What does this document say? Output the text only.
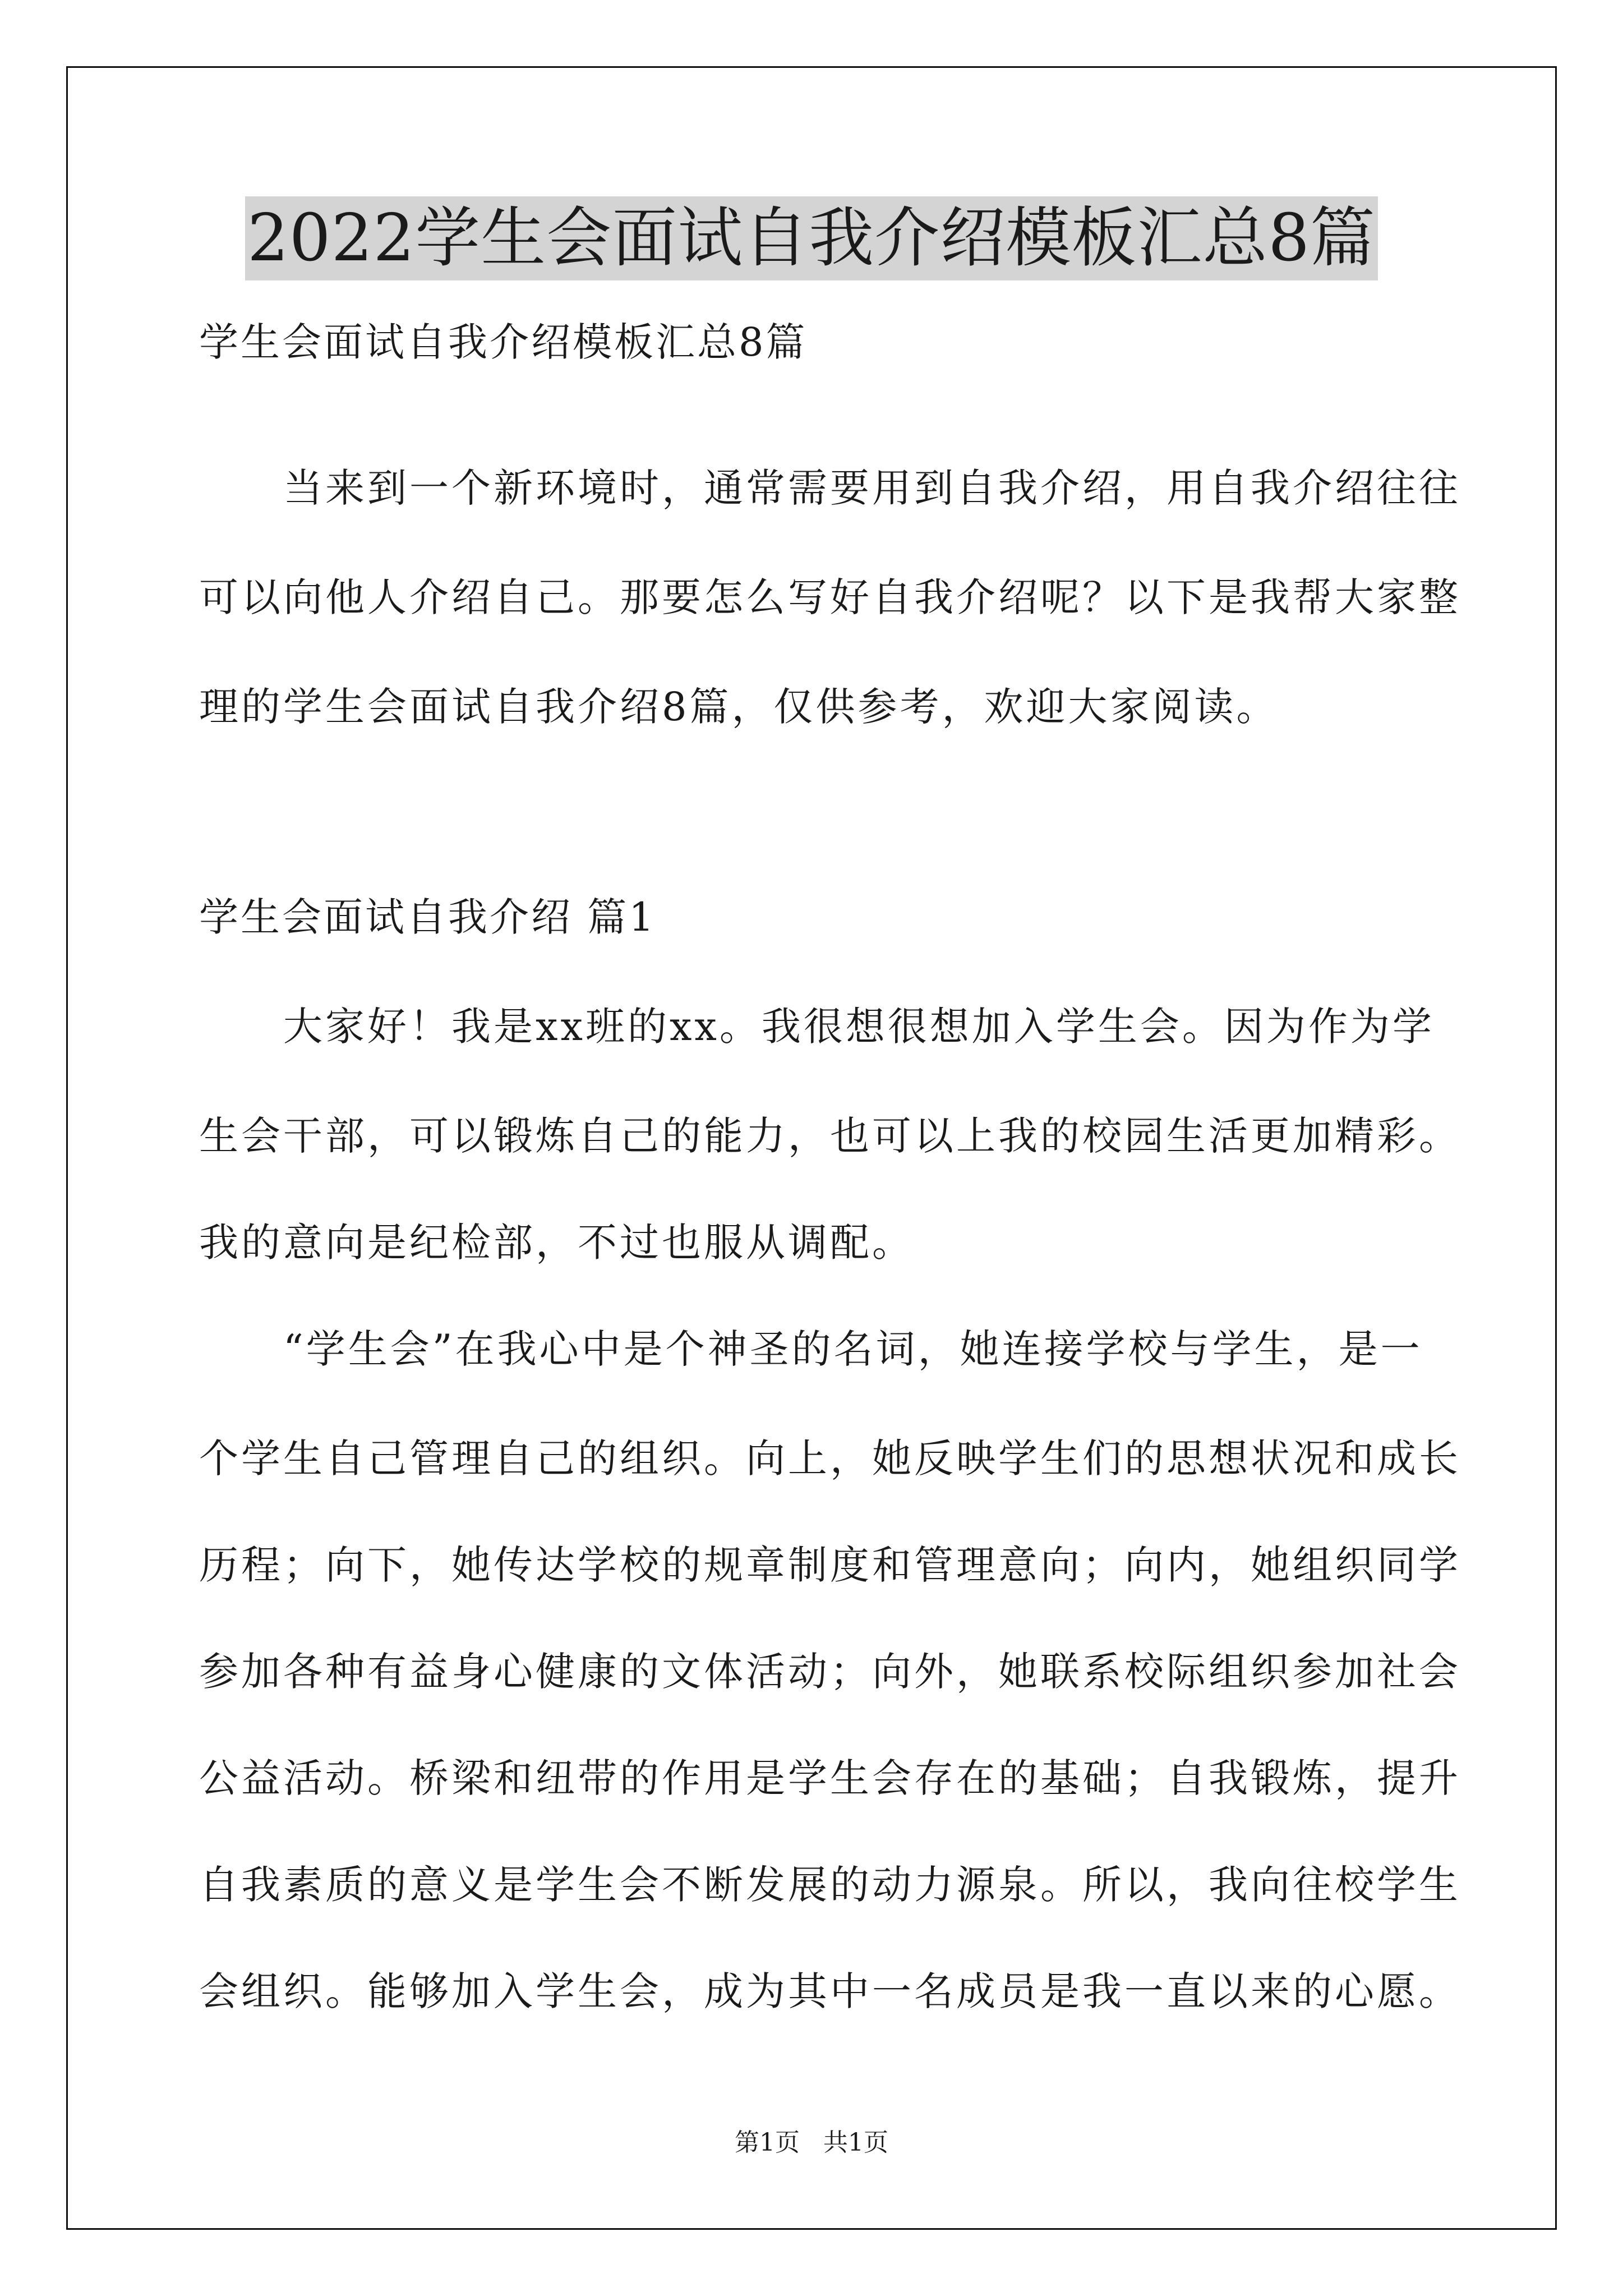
2022学生会面试自我介绍模板汇总8篇
学生会面试自我介绍模板汇总8篇
当来到一个新环境时，通常需要用到自我介绍，用自我介绍往往
可以向他人介绍自己。那要怎么写好自我介绍呢？以下是我帮大家整
理的学生会面试自我介绍8篇，仅供参考，欢迎大家阅读。
学生会面试自我介绍 篇1
大家好！我是xx班的xx。我很想很想加入学生会。因为作为学
生会干部，可以锻炼自己的能力，也可以上我的校园生活更加精彩。
我的意向是纪检部，不过也服从调配。
“学生会”在我心中是个神圣的名词，她连接学校与学生，是一
个学生自己管理自己的组织。向上，她反映学生们的思想状况和成长
历程；向下，她传达学校的规章制度和管理意向；向内，她组织同学
参加各种有益身心健康的文体活动；向外，她联系校际组织参加社会
公益活动。桥梁和纽带的作用是学生会存在的基础；自我锻炼，提升
自我素质的意义是学生会不断发展的动力源泉。所以，我向往校学生
会组织。能够加入学生会，成为其中一名成员是我一直以来的心愿。
第1页 共1页
